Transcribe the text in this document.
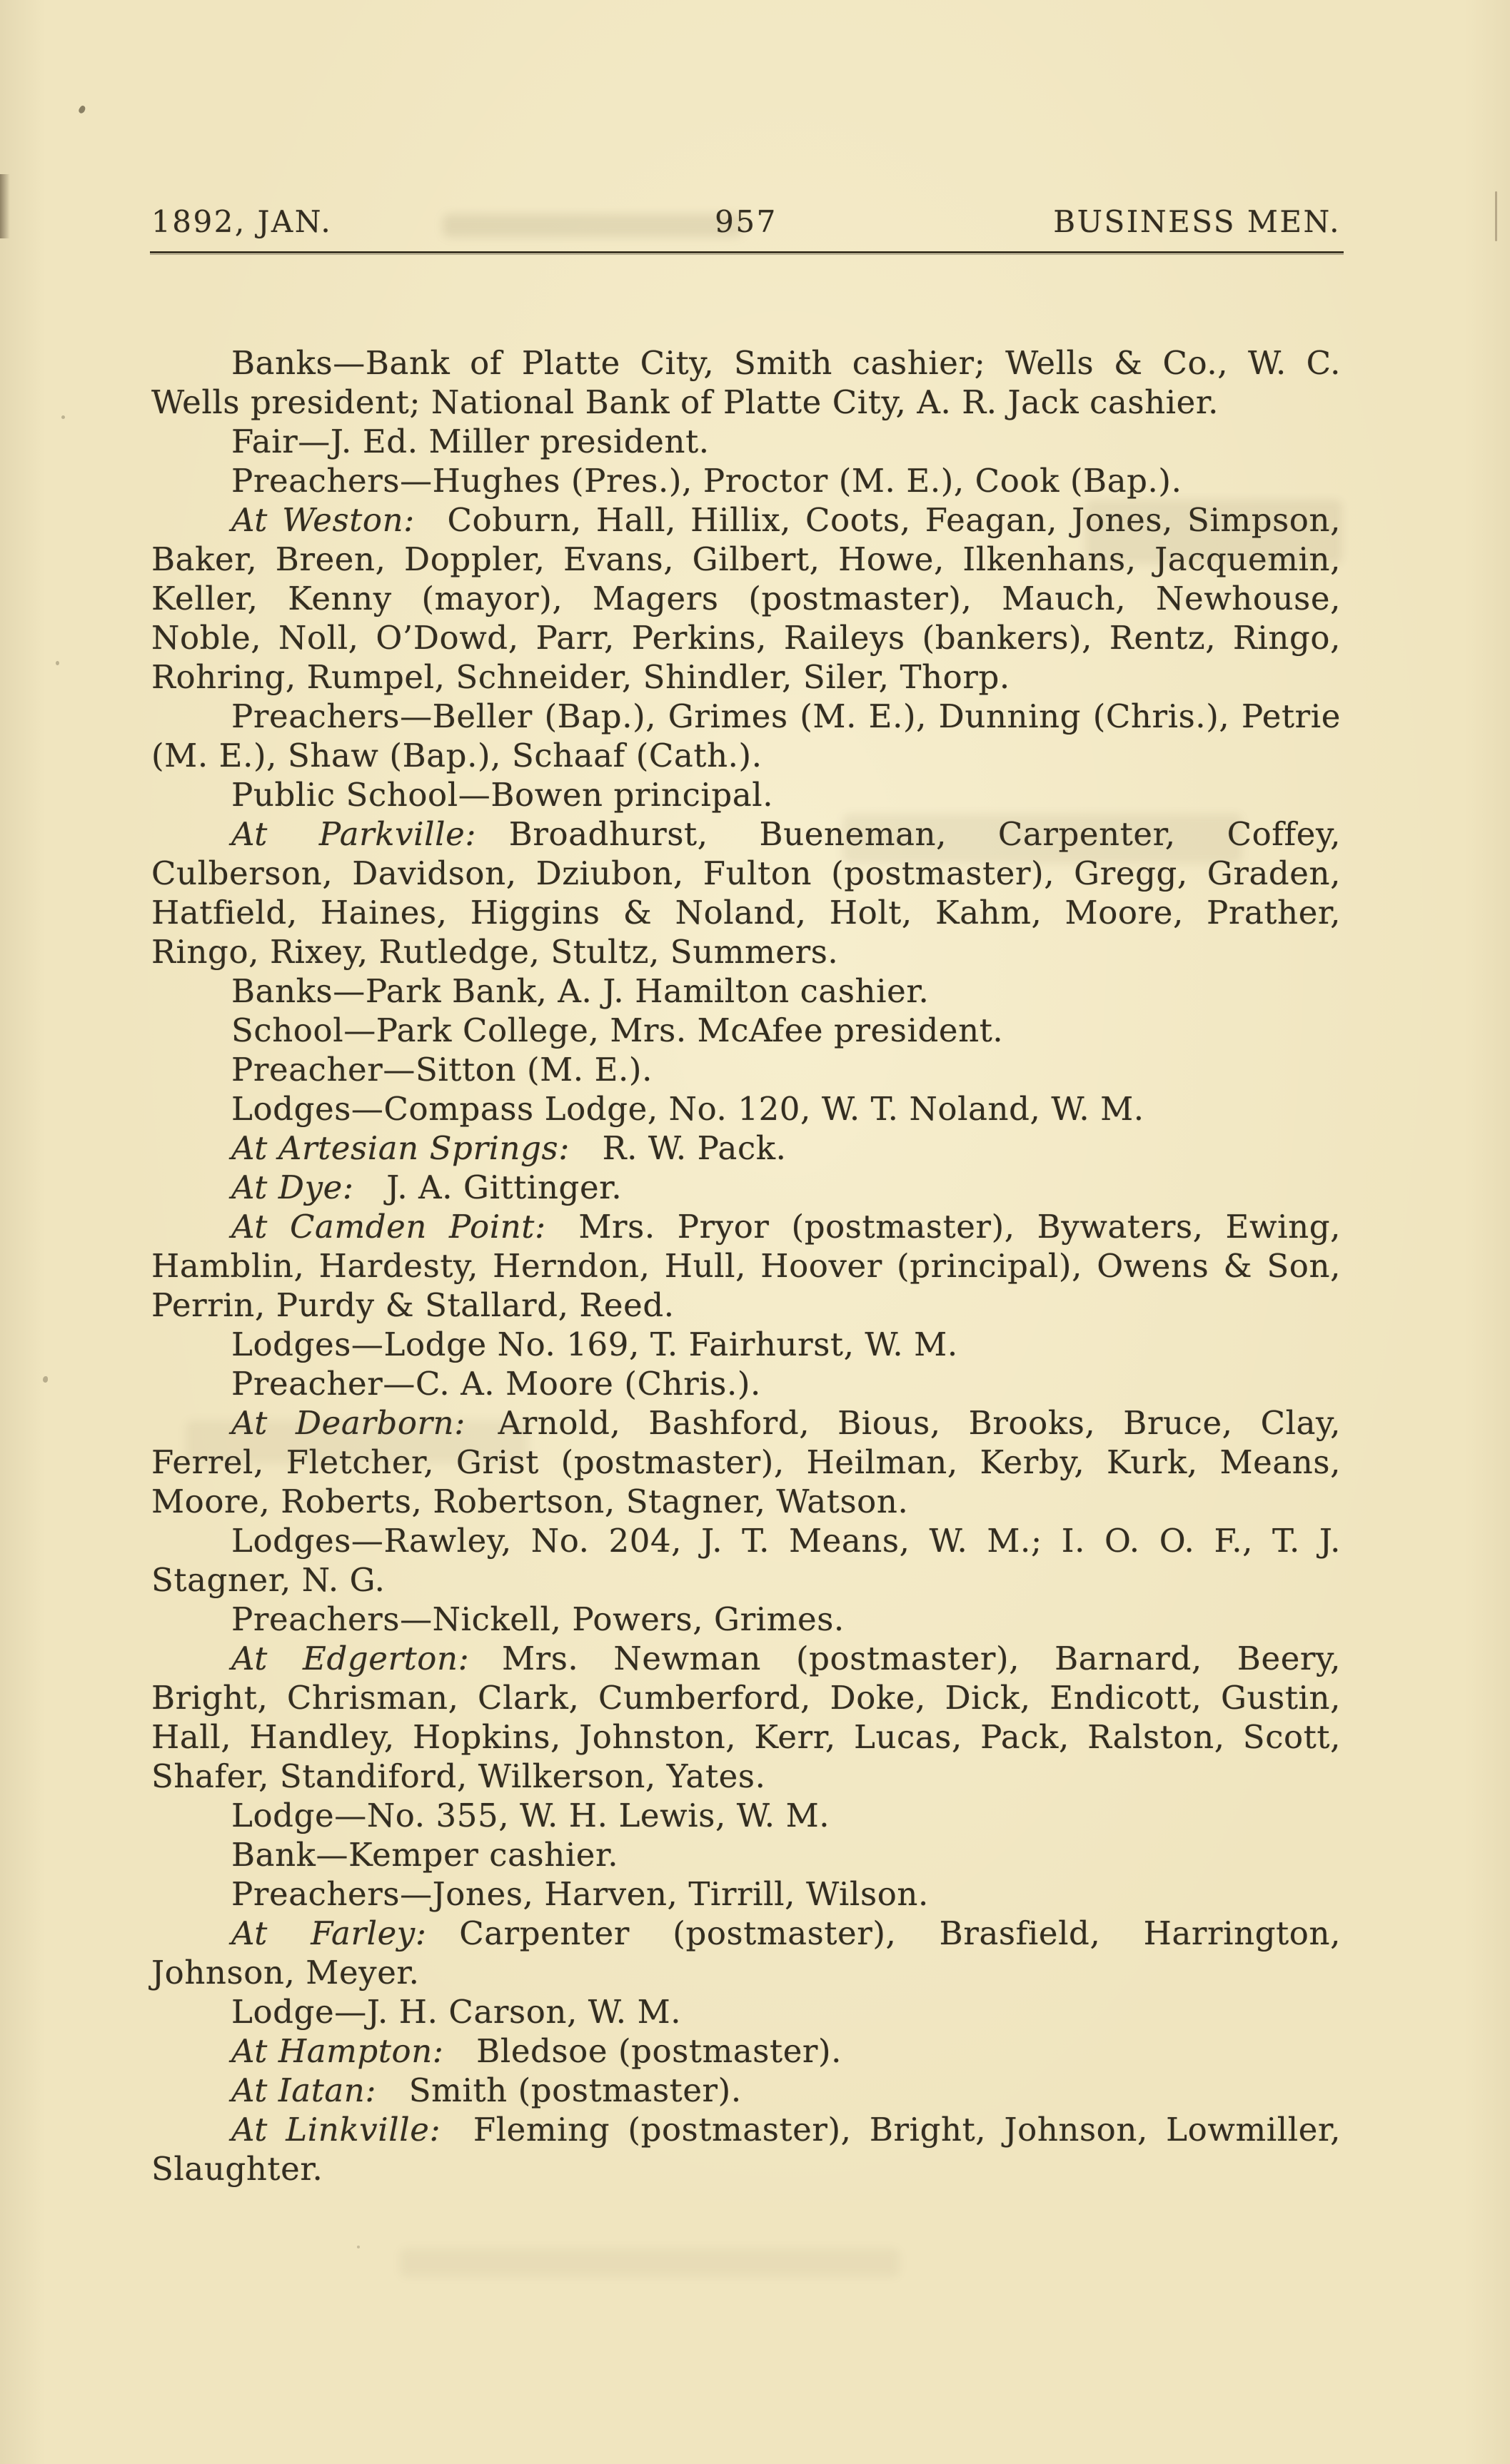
1892, JAN.	957	BUSINESS MEN.

Banks—Bank of Platte City, Smith cashier; Wells & Co., W. C. Wells president; National Bank of Platte City, A. R. Jack cashier.

Fair—J. Ed. Miller president.

Preachers—Hughes (Pres.), Proctor (M. E.), Cook (Bap.).

At Weston: Coburn, Hall, Hillix, Coots, Feagan, Jones, Simpson, Baker, Breen, Doppler, Evans, Gilbert, Howe, Ilkenhans, Jacquemin, Keller, Kenny (mayor), Magers (postmaster), Mauch, Newhouse, Noble, Noll, O’Dowd, Parr, Perkins, Raileys (bankers), Rentz, Ringo, Rohring, Rumpel, Schneider, Shindler, Siler, Thorp.

Preachers—Beller (Bap.), Grimes (M. E.), Dunning (Chris.), Petrie (M. E.), Shaw (Bap.), Schaaf (Cath.).

Public School—Bowen principal.

At Parkville: Broadhurst, Bueneman, Carpenter, Coffey, Culberson, Davidson, Dziubon, Fulton (postmaster), Gregg, Graden, Hatfield, Haines, Higgins & Noland, Holt, Kahm, Moore, Prather, Ringo, Rixey, Rutledge, Stultz, Summers.

Banks—Park Bank, A. J. Hamilton cashier.

School—Park College, Mrs. McAfee president.

Preacher—Sitton (M. E.).

Lodges—Compass Lodge, No. 120, W. T. Noland, W. M.

At Artesian Springs: R. W. Pack.

At Dye: J. A. Gittinger.

At Camden Point: Mrs. Pryor (postmaster), Bywaters, Ewing, Hamblin, Hardesty, Herndon, Hull, Hoover (principal), Owens & Son, Perrin, Purdy & Stallard, Reed.

Lodges—Lodge No. 169, T. Fairhurst, W. M.

Preacher—C. A. Moore (Chris.).

At Dearborn: Arnold, Bashford, Bious, Brooks, Bruce, Clay, Ferrel, Fletcher, Grist (postmaster), Heilman, Kerby, Kurk, Means, Moore, Roberts, Robertson, Stagner, Watson.

Lodges—Rawley, No. 204, J. T. Means, W. M.; I. O. O. F., T. J. Stagner, N. G.

Preachers—Nickell, Powers, Grimes.

At Edgerton: Mrs. Newman (postmaster), Barnard, Beery, Bright, Chrisman, Clark, Cumberford, Doke, Dick, Endicott, Gustin, Hall, Handley, Hopkins, Johnston, Kerr, Lucas, Pack, Ralston, Scott, Shafer, Standiford, Wilkerson, Yates.

Lodge—No. 355, W. H. Lewis, W. M.

Bank—Kemper cashier.

Preachers—Jones, Harven, Tirrill, Wilson.

At Farley: Carpenter (postmaster), Brasfield, Harrington, Johnson, Meyer.

Lodge—J. H. Carson, W. M.

At Hampton: Bledsoe (postmaster).

At Iatan: Smith (postmaster).

At Linkville: Fleming (postmaster), Bright, Johnson, Lowmiller, Slaughter.
